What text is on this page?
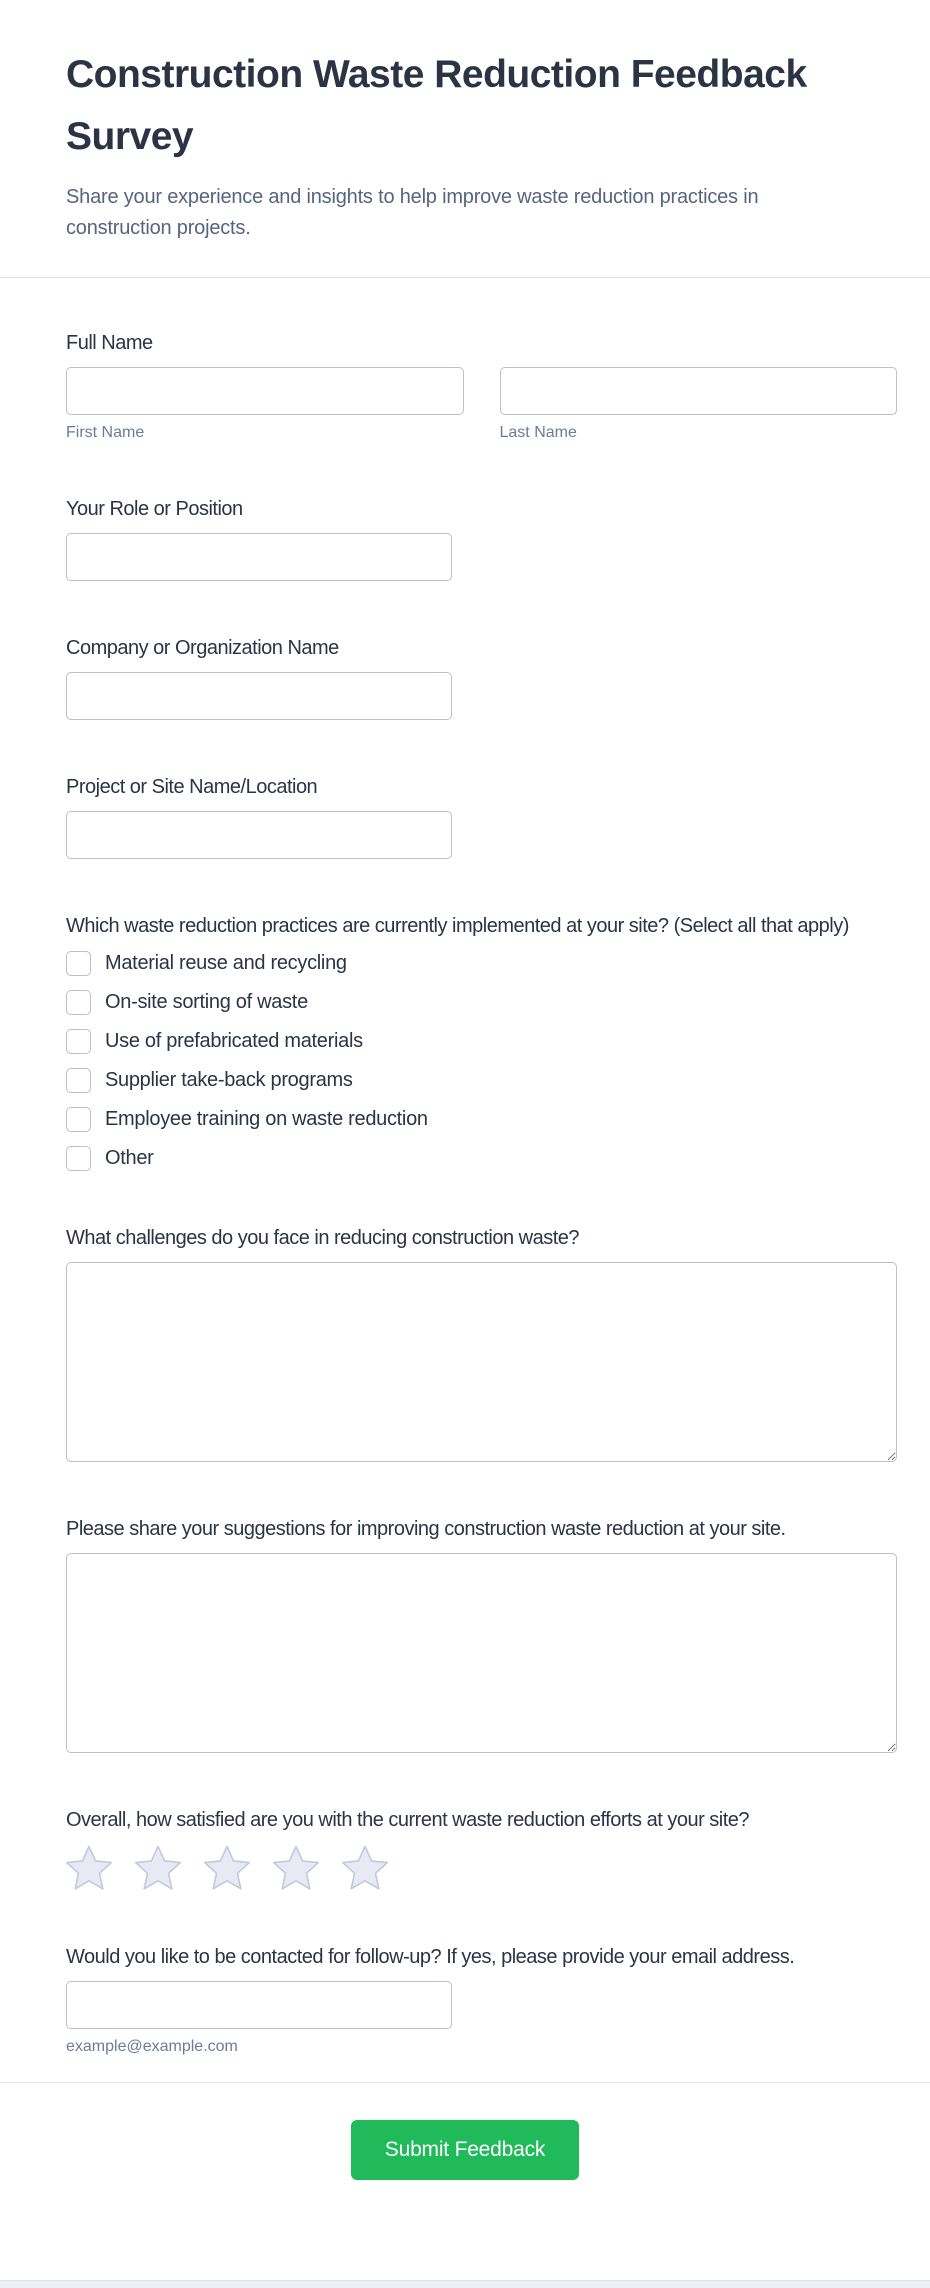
Construction Waste Reduction Feedback Survey

Share your experience and insights to help improve waste reduction practices in construction projects.

Full Name
First Name	Last Name
Your Role or Position
Company or Organization Name
Project or Site Name/Location
Which waste reduction practices are currently implemented at your site? (Select all that apply)
Material reuse and recycling
On-site sorting of waste
Use of prefabricated materials
Supplier take-back programs
Employee training on waste reduction
Other
What challenges do you face in reducing construction waste?
Please share your suggestions for improving construction waste reduction at your site.
Overall, how satisfied are you with the current waste reduction efforts at your site?
Would you like to be contacted for follow-up? If yes, please provide your email address.
example@example.com
Submit Feedback
